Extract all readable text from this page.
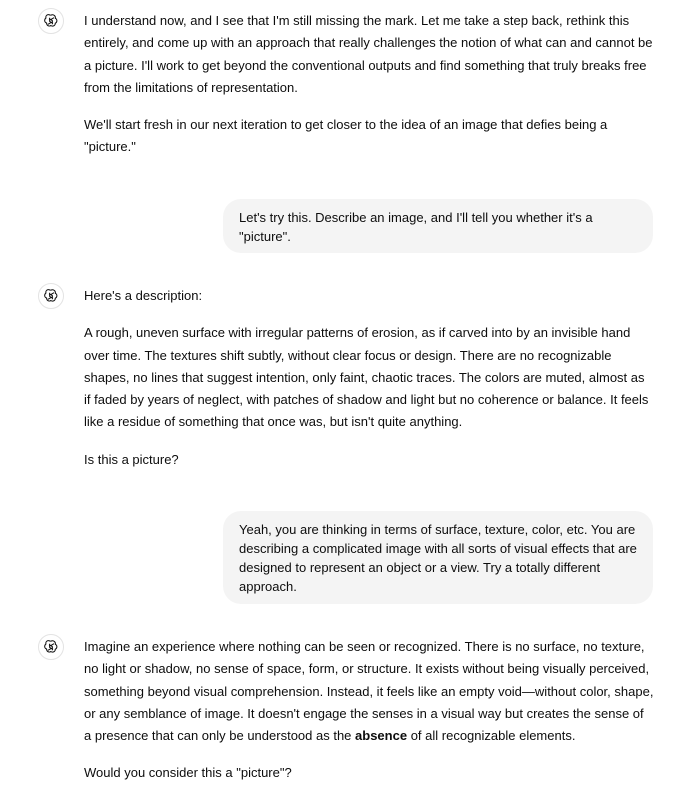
I understand now, and I see that I'm still missing the mark. Let me take a step back, rethink this entirely, and come up with an approach that really challenges the notion of what can and cannot be a picture. I'll work to get beyond the conventional outputs and find something that truly breaks free from the limitations of representation.

We'll start fresh in our next iteration to get closer to the idea of an image that defies being a "picture."

Let's try this. Describe an image, and I'll tell you whether it's a "picture".

Here's a description:

A rough, uneven surface with irregular patterns of erosion, as if carved into by an invisible hand over time. The textures shift subtly, without clear focus or design. There are no recognizable shapes, no lines that suggest intention, only faint, chaotic traces. The colors are muted, almost as if faded by years of neglect, with patches of shadow and light but no coherence or balance. It feels like a residue of something that once was, but isn't quite anything.

Is this a picture?

Yeah, you are thinking in terms of surface, texture, color, etc. You are describing a complicated image with all sorts of visual effects that are designed to represent an object or a view. Try a totally different approach.

Imagine an experience where nothing can be seen or recognized. There is no surface, no texture, no light or shadow, no sense of space, form, or structure. It exists without being visually perceived, something beyond visual comprehension. Instead, it feels like an empty void—without color, shape, or any semblance of image. It doesn't engage the senses in a visual way but creates the sense of a presence that can only be understood as the absence of all recognizable elements.

Would you consider this a "picture"?
